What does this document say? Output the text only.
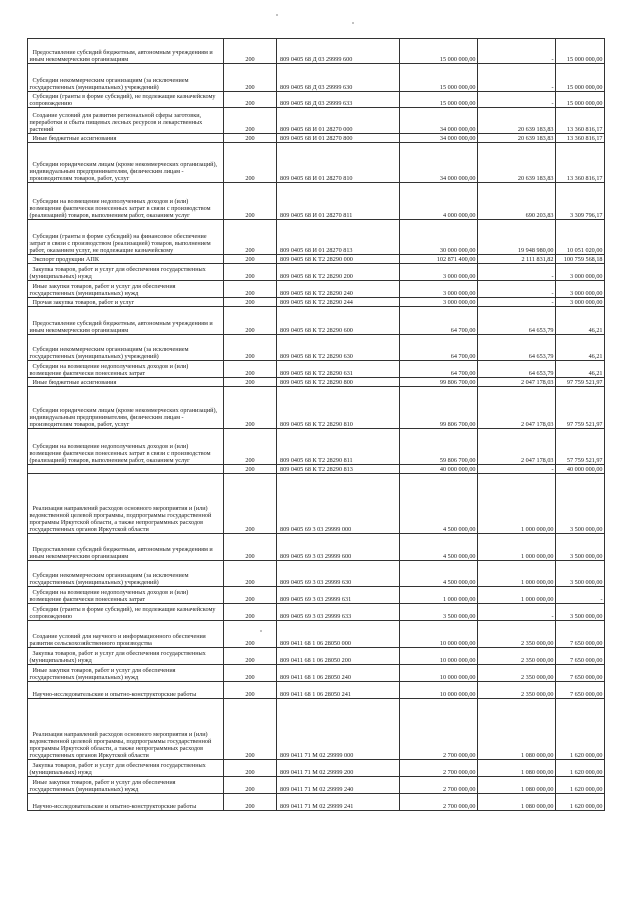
Предоставление субсидий бюджетным, автономным учреждениям и иным некоммерческим организациям	200	809 0405 68 Д 03 29999 600	15 000 000,00	-	15 000 000,00
Субсидии некоммерческим организациям (за исключением государственных (муниципальных) учреждений)	200	809 0405 68 Д 03 29999 630	15 000 000,00	-	15 000 000,00
Субсидии (гранты в форме субсидий), не подлежащие казначейскому сопровождению	200	809 0405 68 Д 03 29999 633	15 000 000,00	-	15 000 000,00
Создание условий для развития региональной сферы заготовки, переработки и сбыта пищевых лесных ресурсов и лекарственных растений	200	809 0405 68 И 01 28270 000	34 000 000,00	20 639 183,83	13 360 816,17
Иные бюджетные ассигнования	200	809 0405 68 И 01 28270 800	34 000 000,00	20 639 183,83	13 360 816,17
Субсидии юридическим лицам (кроме некоммерческих организаций), индивидуальным предпринимателям, физическим лицам - производителям товаров, работ, услуг	200	809 0405 68 И 01 28270 810	34 000 000,00	20 639 183,83	13 360 816,17
Субсидии на возмещение недополученных доходов и (или) возмещение фактически понесенных затрат в связи с производством (реализацией) товаров, выполнением работ, оказанием услуг	200	809 0405 68 И 01 28270 811	4 000 000,00	690 203,83	3 309 796,17
Субсидии (гранты в форме субсидий) на финансовое обеспечение затрат в связи с производством (реализацией) товаров, выполнением работ, оказанием услуг, не подлежащие казначейскому	200	809 0405 68 И 01 28270 813	30 000 000,00	19 948 980,00	10 051 020,00
Экспорт продукции АПК	200	809 0405 68 К Т2 28290 000	102 871 400,00	2 111 831,82	100 759 568,18
Закупка товаров, работ и услуг для обеспечения государственных (муниципальных) нужд	200	809 0405 68 К Т2 28290 200	3 000 000,00	-	3 000 000,00
Иные закупки товаров, работ и услуг для обеспечения государственных (муниципальных) нужд	200	809 0405 68 К Т2 28290 240	3 000 000,00	-	3 000 000,00
Прочая закупка товаров, работ и услуг	200	809 0405 68 К Т2 28290 244	3 000 000,00	-	3 000 000,00
Предоставление субсидий бюджетным, автономным учреждениям и иным некоммерческим организациям	200	809 0405 68 К Т2 28290 600	64 700,00	64 653,79	46,21
Субсидии некоммерческим организациям (за исключением государственных (муниципальных) учреждений)	200	809 0405 68 К Т2 28290 630	64 700,00	64 653,79	46,21
Субсидии на возмещение недополученных доходов и (или) возмещение фактически понесенных затрат	200	809 0405 68 К Т2 28290 631	64 700,00	64 653,79	46,21
Иные бюджетные ассигнования	200	809 0405 68 К Т2 28290 800	99 806 700,00	2 047 178,03	97 759 521,97
Субсидии юридическим лицам (кроме некоммерческих организаций), индивидуальным предпринимателям, физическим лицам - производителям товаров, работ, услуг	200	809 0405 68 К Т2 28290 810	99 806 700,00	2 047 178,03	97 759 521,97
Субсидии на возмещение недополученных доходов и (или) возмещение фактически понесенных затрат в связи с производством (реализацией) товаров, выполнением работ, оказанием услуг	200	809 0405 68 К Т2 28290 811	59 806 700,00	2 047 178,03	57 759 521,97
	200	809 0405 68 К Т2 28290 813	40 000 000,00	-	40 000 000,00
Реализация направлений расходов основного мероприятия и (или) ведомственной целевой программы, подпрограммы государственной программы Иркутской области, а также непрограммных расходов государственных органов Иркутской области	200	809 0405 69 3 03 29999 000	4 500 000,00	1 000 000,00	3 500 000,00
Предоставление субсидий бюджетным, автономным учреждениям и иным некоммерческим организациям	200	809 0405 69 3 03 29999 600	4 500 000,00	1 000 000,00	3 500 000,00
Субсидии некоммерческим организациям (за исключением государственных (муниципальных) учреждений)	200	809 0405 69 3 03 29999 630	4 500 000,00	1 000 000,00	3 500 000,00
Субсидии на возмещение недополученных доходов и (или) возмещение фактически понесенных затрат	200	809 0405 69 3 03 29999 631	1 000 000,00	1 000 000,00	-
Субсидии (гранты в форме субсидий), не подлежащие казначейскому сопровождению	200	809 0405 69 3 03 29999 633	3 500 000,00	-	3 500 000,00
Создание условий для научного и информационного обеспечения развития сельскохозяйственного производства	200	809 0411 68 1 06 28050 000	10 000 000,00	2 350 000,00	7 650 000,00
Закупка товаров, работ и услуг для обеспечения государственных (муниципальных) нужд	200	809 0411 68 1 06 28050 200	10 000 000,00	2 350 000,00	7 650 000,00
Иные закупки товаров, работ и услуг для обеспечения государственных (муниципальных) нужд	200	809 0411 68 1 06 28050 240	10 000 000,00	2 350 000,00	7 650 000,00
Научно-исследовательские и опытно-конструкторские работы	200	809 0411 68 1 06 28050 241	10 000 000,00	2 350 000,00	7 650 000,00
Реализация направлений расходов основного мероприятия и (или) ведомственной целевой программы, подпрограммы государственной программы Иркутской области, а также непрограммных расходов государственных органов Иркутской области	200	809 0411 71 М 02 29999 000	2 700 000,00	1 080 000,00	1 620 000,00
Закупка товаров, работ и услуг для обеспечения государственных (муниципальных) нужд	200	809 0411 71 М 02 29999 200	2 700 000,00	1 080 000,00	1 620 000,00
Иные закупки товаров, работ и услуг для обеспечения государственных (муниципальных) нужд	200	809 0411 71 М 02 29999 240	2 700 000,00	1 080 000,00	1 620 000,00
Научно-исследовательские и опытно-конструкторские работы	200	809 0411 71 М 02 29999 241	2 700 000,00	1 080 000,00	1 620 000,00
